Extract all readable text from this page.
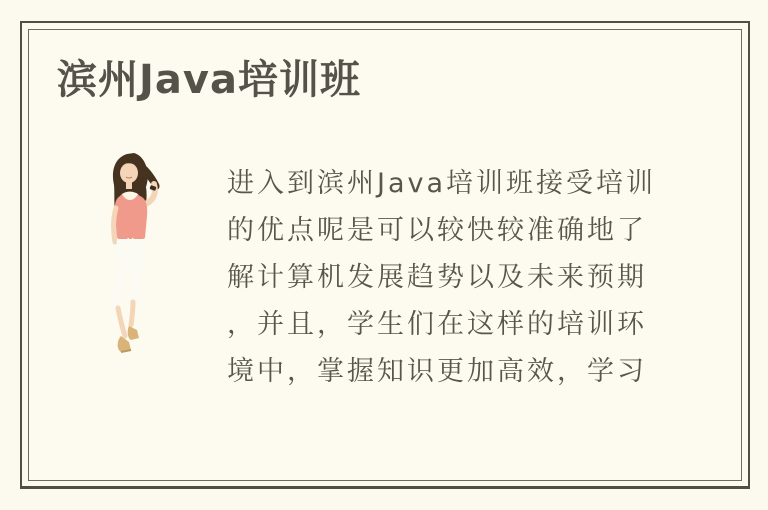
滨州Java培训班
进入到滨州Java培训班接受培训
的优点呢是可以较快较准确地了
解计算机发展趋势以及未来预期
，并且，学生们在这样的培训环
境中，掌握知识更加高效，学习
